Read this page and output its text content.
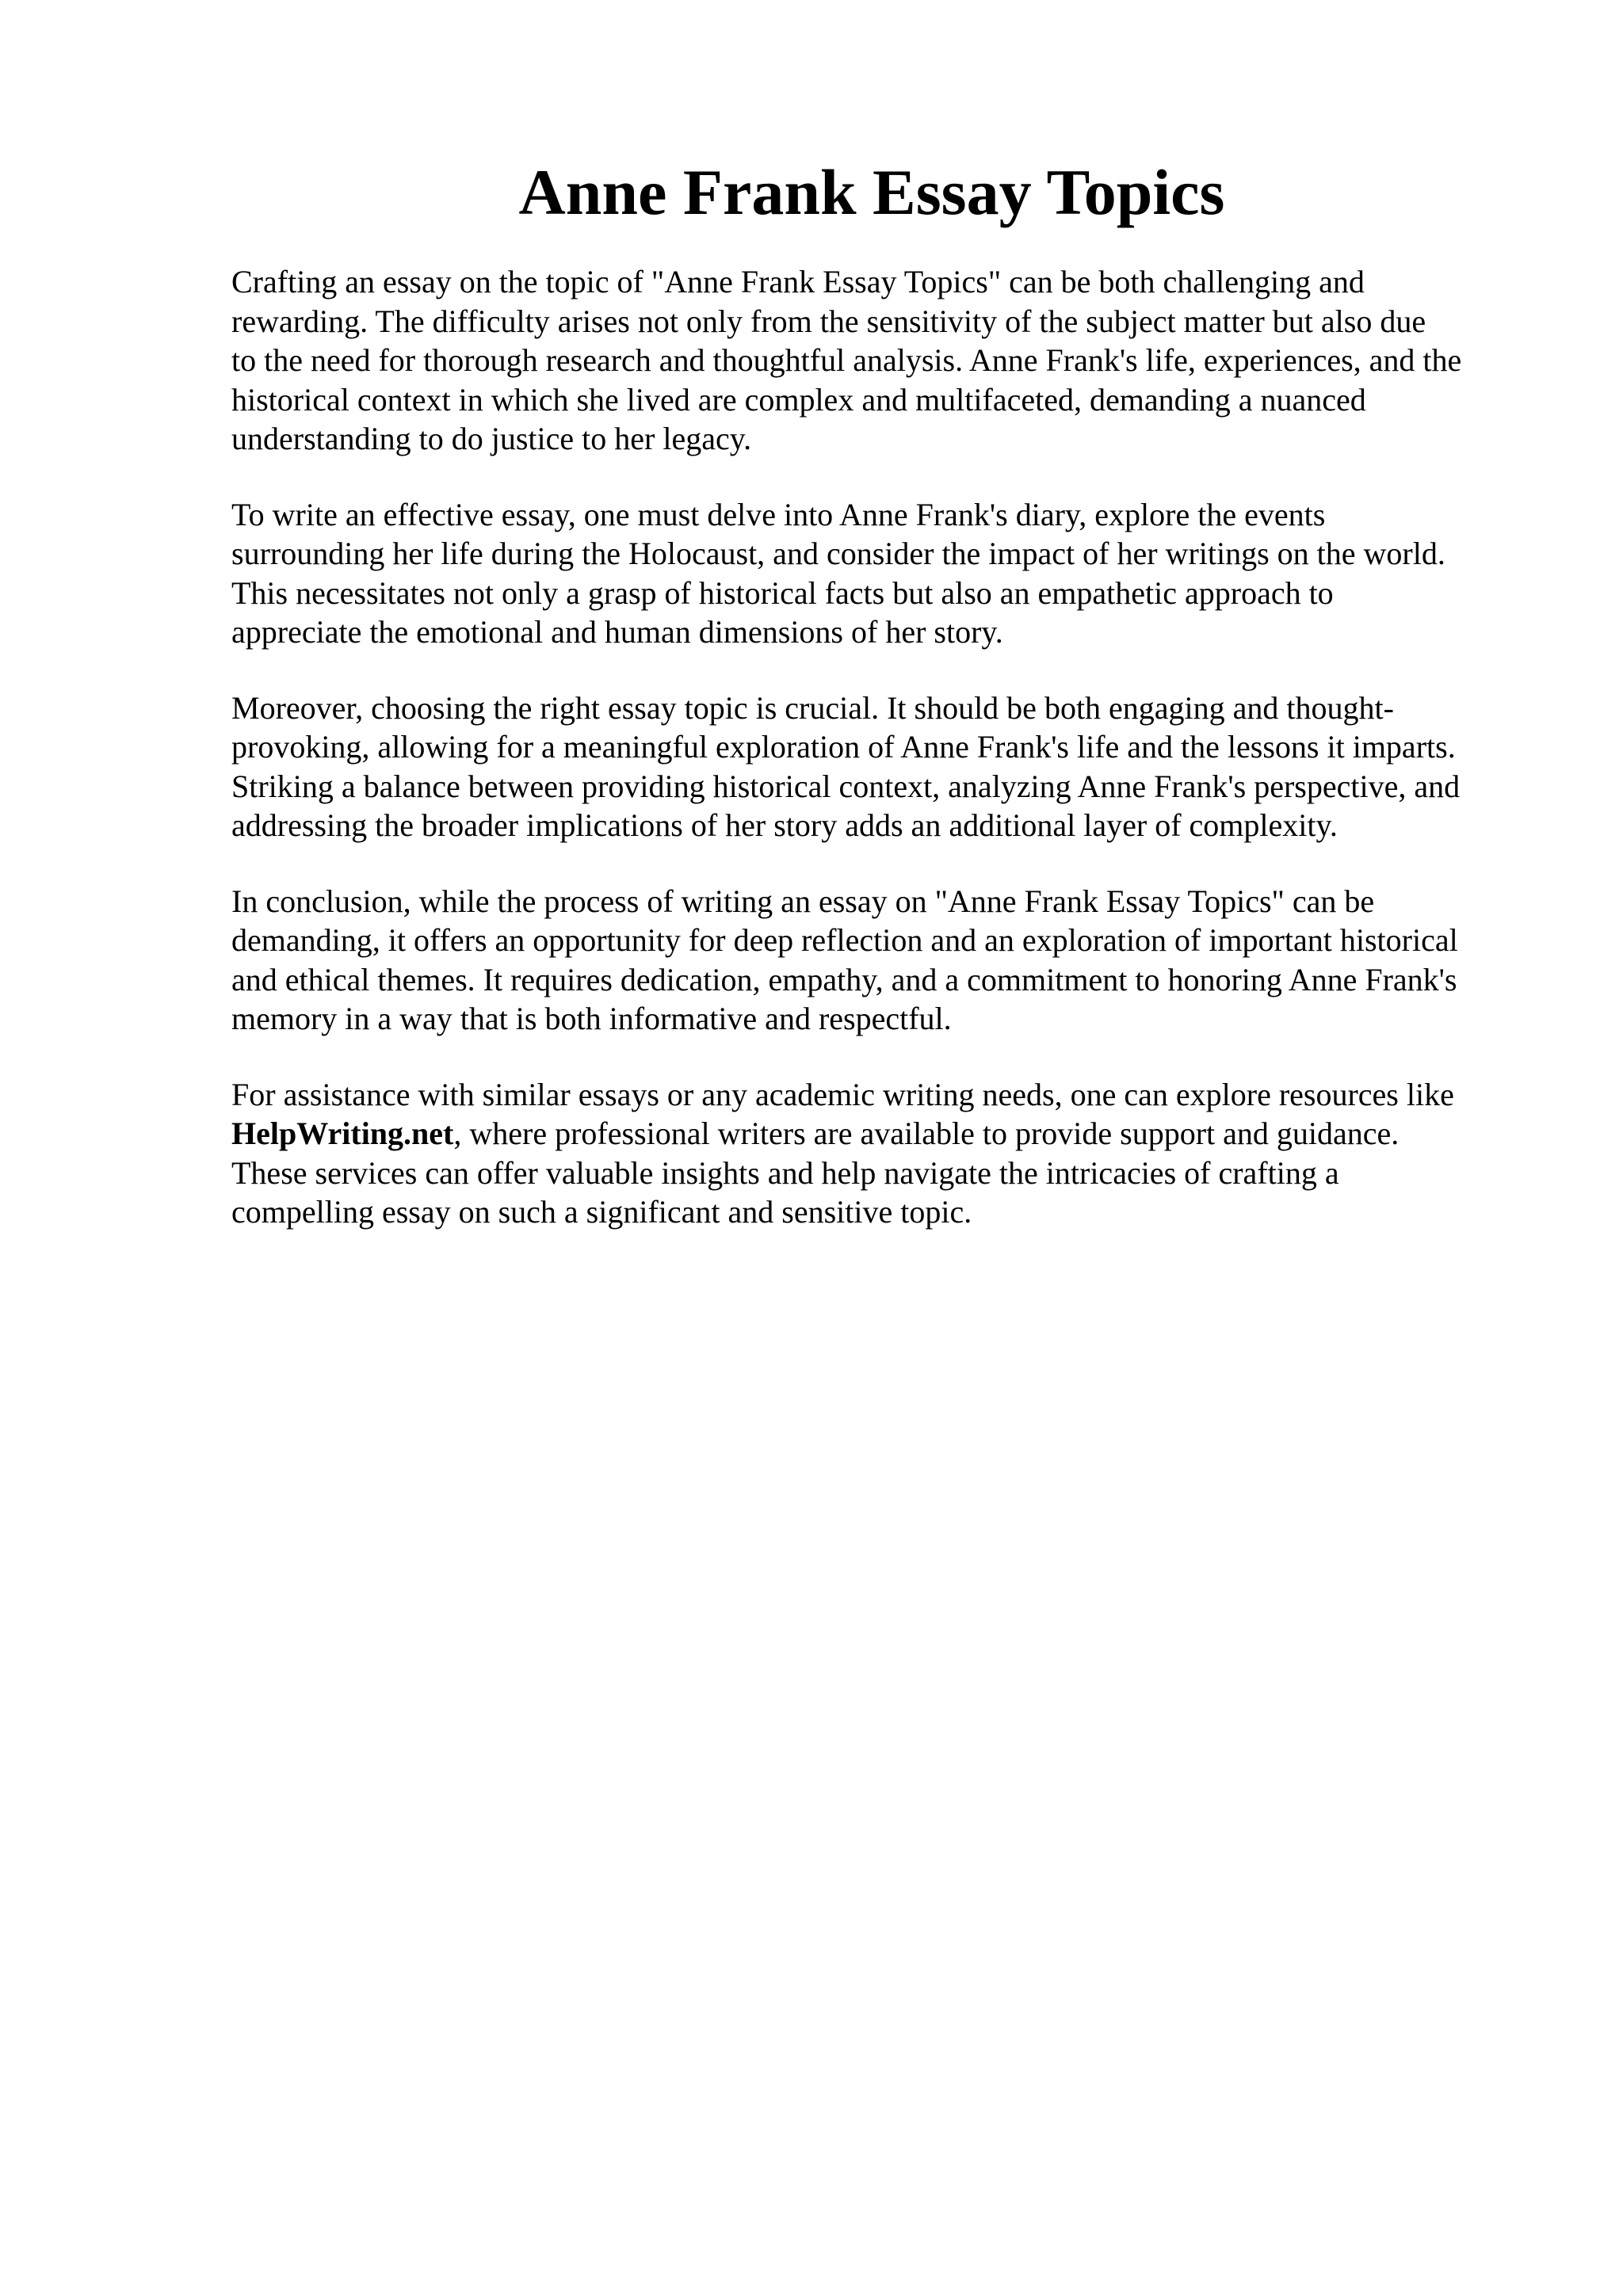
Anne Frank Essay Topics

Crafting an essay on the topic of "Anne Frank Essay Topics" can be both challenging and
rewarding. The difficulty arises not only from the sensitivity of the subject matter but also due
to the need for thorough research and thoughtful analysis. Anne Frank's life, experiences, and the
historical context in which she lived are complex and multifaceted, demanding a nuanced
understanding to do justice to her legacy.

To write an effective essay, one must delve into Anne Frank's diary, explore the events
surrounding her life during the Holocaust, and consider the impact of her writings on the world.
This necessitates not only a grasp of historical facts but also an empathetic approach to
appreciate the emotional and human dimensions of her story.

Moreover, choosing the right essay topic is crucial. It should be both engaging and thought-
provoking, allowing for a meaningful exploration of Anne Frank's life and the lessons it imparts.
Striking a balance between providing historical context, analyzing Anne Frank's perspective, and
addressing the broader implications of her story adds an additional layer of complexity.

In conclusion, while the process of writing an essay on "Anne Frank Essay Topics" can be
demanding, it offers an opportunity for deep reflection and an exploration of important historical
and ethical themes. It requires dedication, empathy, and a commitment to honoring Anne Frank's
memory in a way that is both informative and respectful.

For assistance with similar essays or any academic writing needs, one can explore resources like
HelpWriting.net, where professional writers are available to provide support and guidance.
These services can offer valuable insights and help navigate the intricacies of crafting a
compelling essay on such a significant and sensitive topic.
